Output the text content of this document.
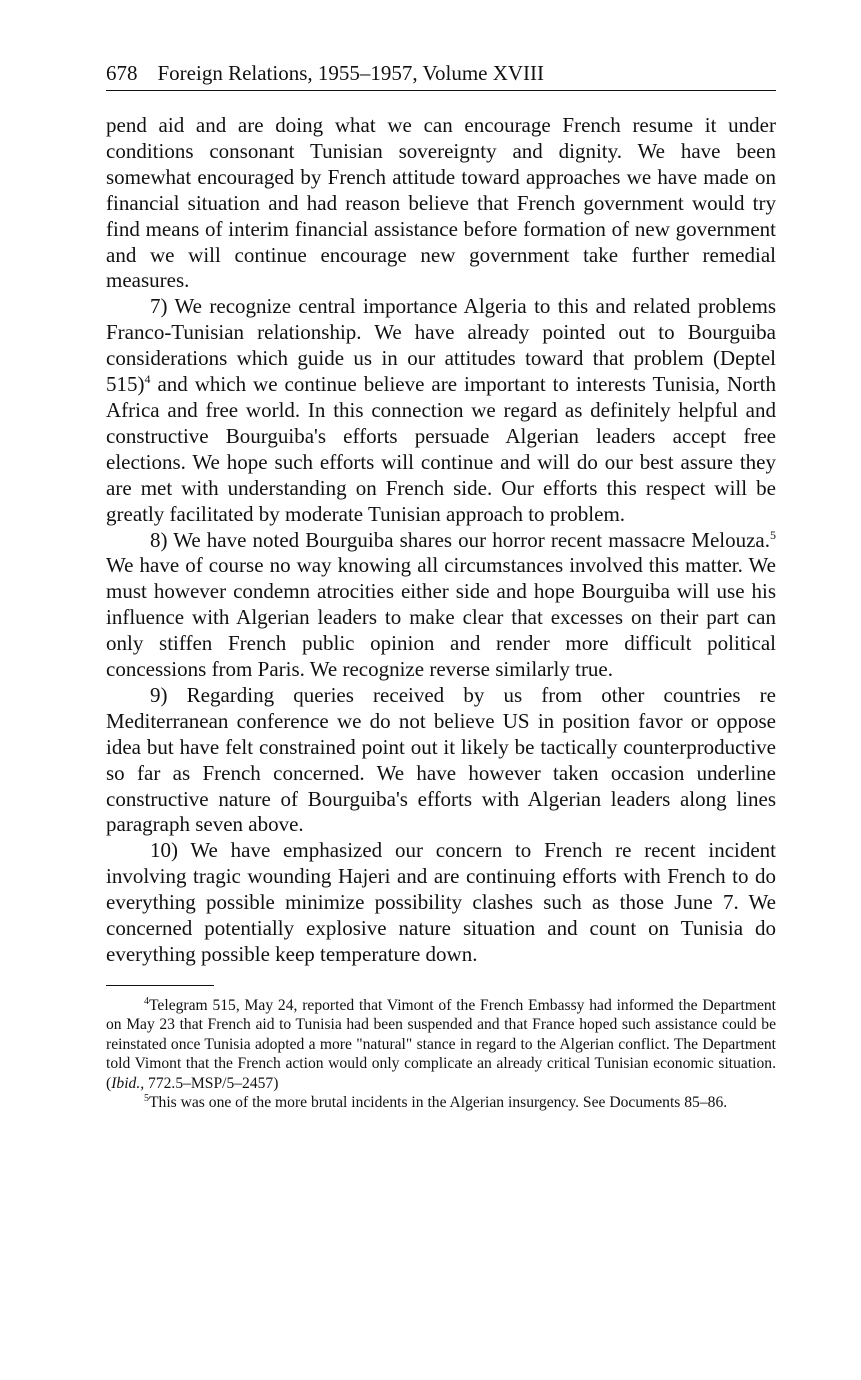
678 Foreign Relations, 1955–1957, Volume XVIII

pend aid and are doing what we can encourage French resume it under conditions consonant Tunisian sovereignty and dignity. We have been somewhat encouraged by French attitude toward approaches we have made on financial situation and had reason believe that French government would try find means of interim financial assistance before formation of new government and we will continue encourage new government take further remedial measures.

7) We recognize central importance Algeria to this and related problems Franco-Tunisian relationship. We have already pointed out to Bourguiba considerations which guide us in our attitudes toward that problem (Deptel 515)$^4$ and which we continue believe are important to interests Tunisia, North Africa and free world. In this connection we regard as definitely helpful and constructive Bourguiba's efforts persuade Algerian leaders accept free elections. We hope such efforts will continue and will do our best assure they are met with understanding on French side. Our efforts this respect will be greatly facilitated by moderate Tunisian approach to problem.

8) We have noted Bourguiba shares our horror recent massacre Melouza.$^5$ We have of course no way knowing all circumstances involved this matter. We must however condemn atrocities either side and hope Bourguiba will use his influence with Algerian leaders to make clear that excesses on their part can only stiffen French public opinion and render more difficult political concessions from Paris. We recognize reverse similarly true.

9) Regarding queries received by us from other countries re Mediterranean conference we do not believe US in position favor or oppose idea but have felt constrained point out it likely be tactically counterproductive so far as French concerned. We have however taken occasion underline constructive nature of Bourguiba's efforts with Algerian leaders along lines paragraph seven above.

10) We have emphasized our concern to French re recent incident involving tragic wounding Hajeri and are continuing efforts with French to do everything possible minimize possibility clashes such as those June 7. We concerned potentially explosive nature situation and count on Tunisia do everything possible keep temperature down.

$^4$Telegram 515, May 24, reported that Vimont of the French Embassy had informed the Department on May 23 that French aid to Tunisia had been suspended and that France hoped such assistance could be reinstated once Tunisia adopted a more "natural" stance in regard to the Algerian conflict. The Department told Vimont that the French action would only complicate an already critical Tunisian economic situation. (Ibid., 772.5–MSP/5–2457)

$^5$This was one of the more brutal incidents in the Algerian insurgency. See Documents 85–86.
